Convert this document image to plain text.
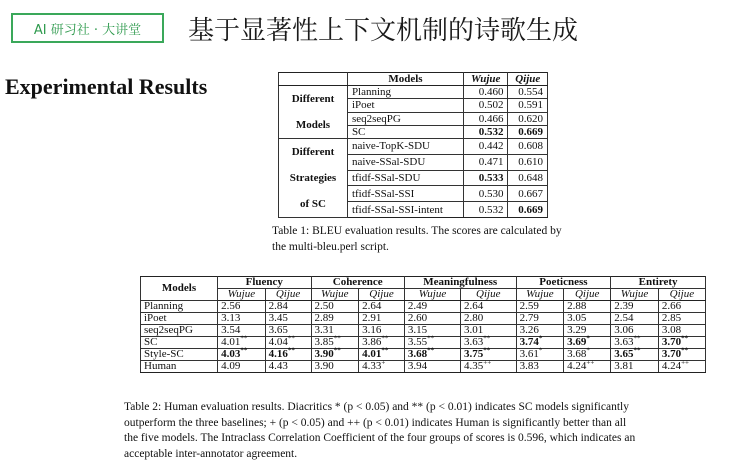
AI 研习社 · 大讲堂 基于显著性上下文机制的诗歌生成
Experimental Results
		Models	Wujue	Qijue

Different
Models	Planning	0.460	0.554
	iPoet	0.502	0.591
	seq2seqPG	0.466	0.620
	SC	0.532	0.669

Different
Strategies
of SC	naive-TopK-SDU	0.442	0.608
	naive-SSal-SDU	0.471	0.610
	tfidf-SSal-SDU	0.533	0.648
	tfidf-SSal-SSI	0.530	0.667
	tfidf-SSal-SSI-intent	0.532	0.669
Table 1: BLEU evaluation results. The scores are calculated by the multi-bleu.perl script.
Models	Fluency		Coherence		Meaningfulness		Poeticness		Entirety	
	Wujue	Qijue	Wujue	Qijue	Wujue	Qijue	Wujue	Qijue	Wujue	Qijue
Planning	2.56	2.84	2.50	2.64	2.49	2.64	2.59	2.88	2.39	2.66
iPoet	3.13	3.45	2.89	2.91	2.60	2.80	2.79	3.05	2.54	2.85
seq2seqPG	3.54	3.65	3.31	3.16	3.15	3.01	3.26	3.29	3.06	3.08
SC	4.01**	4.04**	3.85**	3.86**	3.55**	3.63**	3.74*	3.69*	3.63**	3.70**
Style-SC	4.03**	4.16**	3.90**	4.01**	3.68**	3.75**	3.61*	3.68*	3.65**	3.70**
Human	4.09	4.43	3.90	4.33+	3.94	4.35++	3.83	4.24++	3.81	4.24++
Table 2: Human evaluation results. Diacritics * (p < 0.05) and ** (p < 0.01) indicates SC models significantly
outperform the three baselines; + (p < 0.05) and ++ (p < 0.01) indicates Human is significantly better than all
the five models. The Intraclass Correlation Coefficient of the four groups of scores is 0.596, which indicates an
acceptable inter-annotator agreement.
